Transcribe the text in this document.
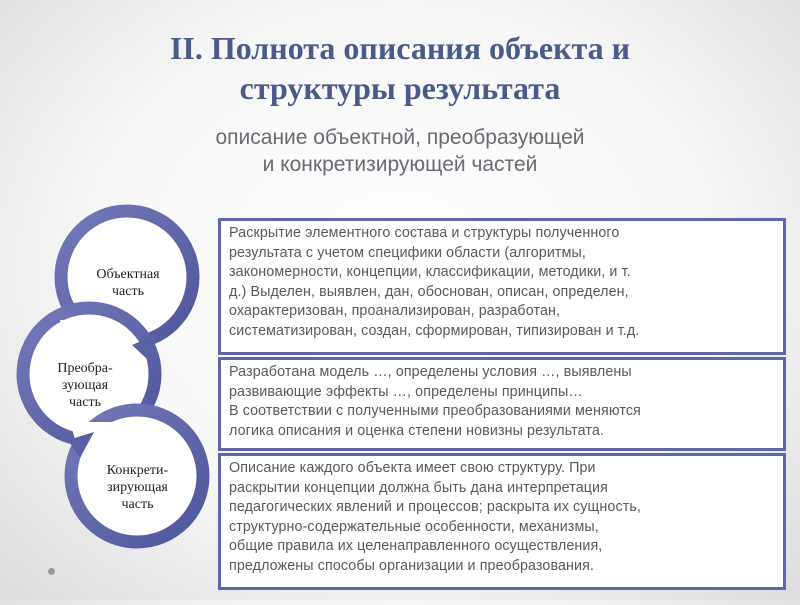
II. Полнота описания объекта и
структуры результата
описание объектной, преобразующей
и конкретизирующей частей
Объектная
часть
Преобра-
зующая
часть
Конкрети-
зирующая
часть

Раскрытие элементного состава и структуры полученного

результата с учетом специфики области (алгоритмы,

закономерности, концепции, классификации, методики, и т.

д.) Выделен, выявлен, дан, обоснован, описан, определен,

охарактеризован, проанализирован, разработан,

систематизирован, создан, сформирован, типизирован и т.д.

Разработана модель …, определены условия …, выявлены

развивающие эффекты …, определены принципы…

В соответствии с полученными преобразованиями меняются

логика описания и оценка степени новизны результата.

Описание каждого объекта имеет свою структуру. При

раскрытии концепции должна быть дана интерпретация

педагогических явлений и процессов; раскрыта их сущность,

структурно-содержательные особенности, механизмы,

общие правила их целенаправленного осуществления,

предложены способы организации и преобразования.
